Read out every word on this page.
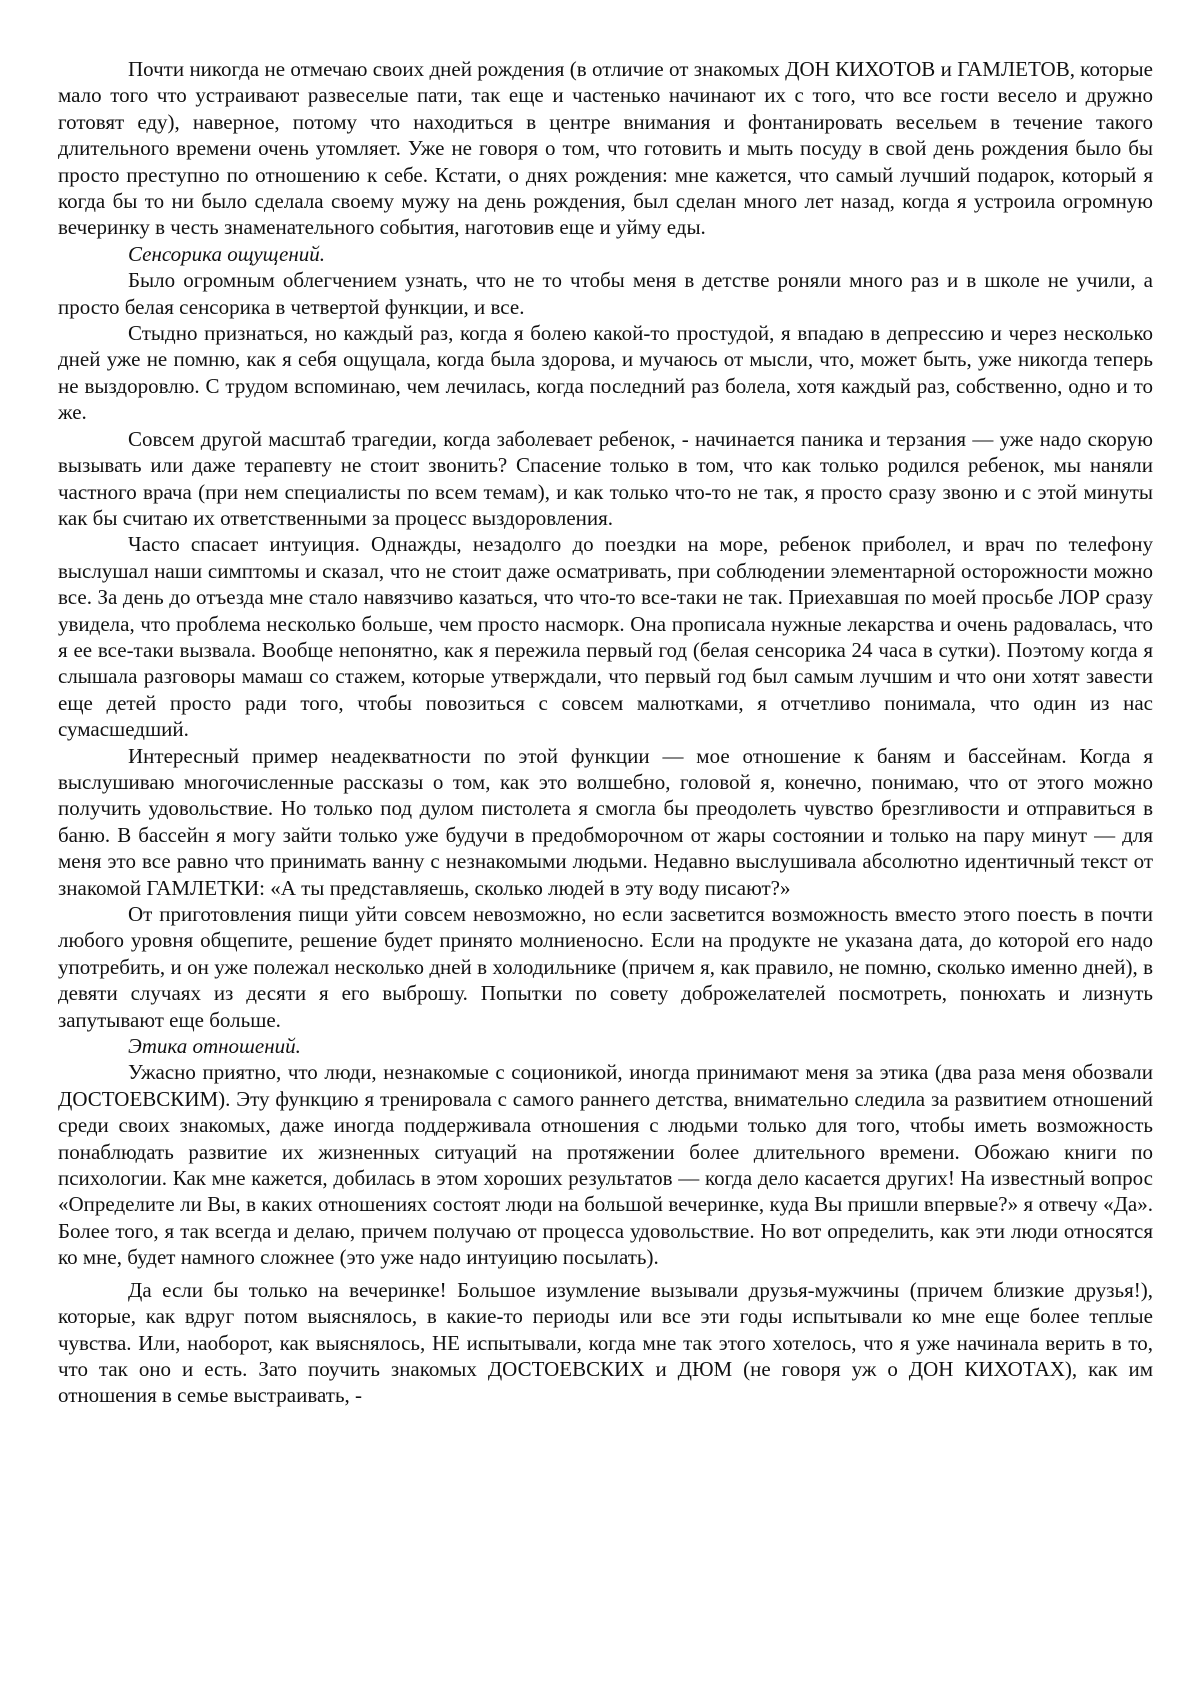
Почти никогда не отмечаю своих дней рождения (в отличие от знакомых ДОН КИХОТОВ и ГАМЛЕТОВ, которые мало того что устраивают развеселые пати, так еще и частенько начинают их с того, что все гости весело и дружно готовят еду), наверное, потому что находиться в центре внимания и фонтанировать весельем в течение такого длительного времени очень утомляет. Уже не говоря о том, что готовить и мыть посуду в свой день рождения было бы просто преступно по отношению к себе. Кстати, о днях рождения: мне кажется, что самый лучший подарок, который я когда бы то ни было сделала своему мужу на день рождения, был сделан много лет назад, когда я устроила огромную вечеринку в честь знаменательного события, наготовив еще и уйму еды.

Сенсорика ощущений.

Было огромным облегчением узнать, что не то чтобы меня в детстве роняли много раз и в школе не учили, а просто белая сенсорика в четвертой функции, и все.

Стыдно признаться, но каждый раз, когда я болею какой-то простудой, я впадаю в депрессию и через несколько дней уже не помню, как я себя ощущала, когда была здорова, и мучаюсь от мысли, что, может быть, уже никогда теперь не выздоровлю. С трудом вспоминаю, чем лечилась, когда последний раз болела, хотя каждый раз, собственно, одно и то же.

Совсем другой масштаб трагедии, когда заболевает ребенок, - начинается паника и терзания — уже надо скорую вызывать или даже терапевту не стоит звонить? Спасение только в том, что как только родился ребенок, мы наняли частного врача (при нем специалисты по всем темам), и как только что-то не так, я просто сразу звоню и с этой минуты как бы считаю их ответственными за процесс выздоровления.

Часто спасает интуиция. Однажды, незадолго до поездки на море, ребенок приболел, и врач по телефону выслушал наши симптомы и сказал, что не стоит даже осматривать, при соблюдении элементарной осторожности можно все. За день до отъезда мне стало навязчиво казаться, что что-то все-таки не так. Приехавшая по моей просьбе ЛОР сразу увидела, что проблема несколько больше, чем просто насморк. Она прописала нужные лекарства и очень радовалась, что я ее все-таки вызвала. Вообще непонятно, как я пережила первый год (белая сенсорика 24 часа в сутки). Поэтому когда я слышала разговоры мамаш со стажем, которые утверждали, что первый год был самым лучшим и что они хотят завести еще детей просто ради того, чтобы повозиться с совсем малютками, я отчетливо понимала, что один из нас сумасшедший.

Интересный пример неадекватности по этой функции — мое отношение к баням и бассейнам. Когда я выслушиваю многочисленные рассказы о том, как это волшебно, головой я, конечно, понимаю, что от этого можно получить удовольствие. Но только под дулом пистолета я смогла бы преодолеть чувство брезгливости и отправиться в баню. В бассейн я могу зайти только уже будучи в предобморочном от жары состоянии и только на пару минут — для меня это все равно что принимать ванну с незнакомыми людьми. Недавно выслушивала абсолютно идентичный текст от знакомой ГАМЛЕТКИ: «А ты представляешь, сколько людей в эту воду писают?»

От приготовления пищи уйти совсем невозможно, но если засветится возможность вместо этого поесть в почти любого уровня общепите, решение будет принято молниеносно. Если на продукте не указана дата, до которой его надо употребить, и он уже полежал несколько дней в холодильнике (причем я, как правило, не помню, сколько именно дней), в девяти случаях из десяти я его выброшу. Попытки по совету доброжелателей посмотреть, понюхать и лизнуть запутывают еще больше.

Этика отношений.

Ужасно приятно, что люди, незнакомые с соционикой, иногда принимают меня за этика (два раза меня обозвали ДОСТОЕВСКИМ). Эту функцию я тренировала с самого раннего детства, внимательно следила за развитием отношений среди своих знакомых, даже иногда поддерживала отношения с людьми только для того, чтобы иметь возможность понаблюдать развитие их жизненных ситуаций на протяжении более длительного времени. Обожаю книги по психологии. Как мне кажется, добилась в этом хороших результатов — когда дело касается других! На известный вопрос «Определите ли Вы, в каких отношениях состоят люди на большой вечеринке, куда Вы пришли впервые?» я отвечу «Да». Более того, я так всегда и делаю, причем получаю от процесса удовольствие. Но вот определить, как эти люди относятся ко мне, будет намного сложнее (это уже надо интуицию посылать).

Да если бы только на вечеринке! Большое изумление вызывали друзья-мужчины (причем близкие друзья!), которые, как вдруг потом выяснялось, в какие-то периоды или все эти годы испытывали ко мне еще более теплые чувства. Или, наоборот, как выяснялось, НЕ испытывали, когда мне так этого хотелось, что я уже начинала верить в то, что так оно и есть. Зато поучить знакомых ДОСТОЕВСКИХ и ДЮМ (не говоря уж о ДОН КИХОТАХ), как им отношения в семье выстраивать, -
